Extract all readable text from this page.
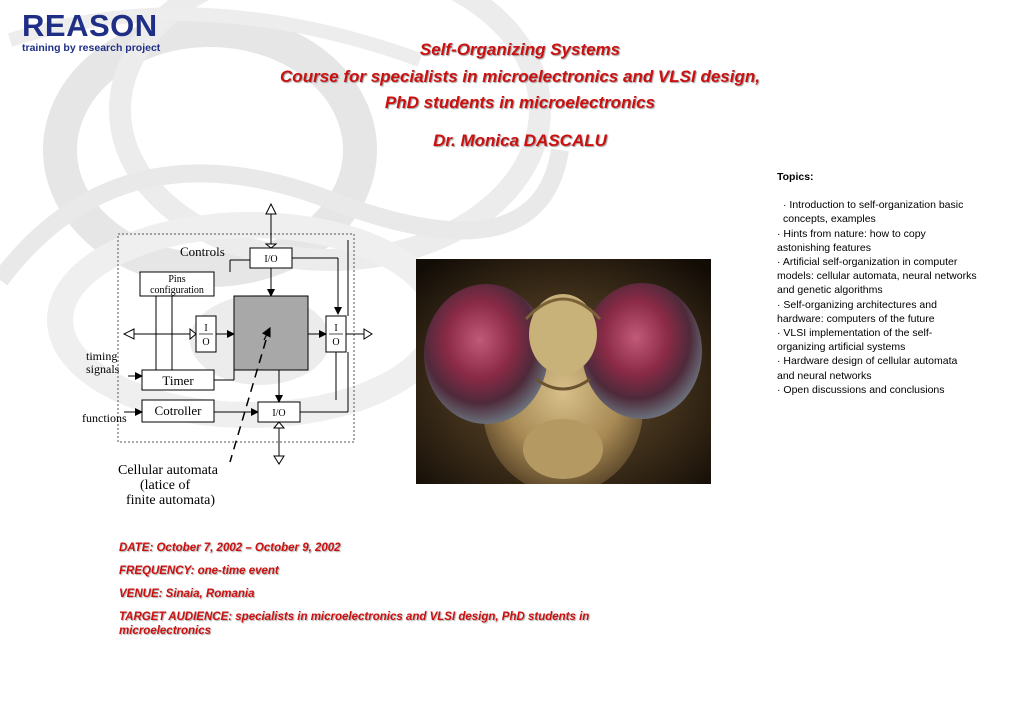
REASON
training by research project	Self-Organizing Systems
Course for specialists in microelectronics and VLSI design,
PhD students in microelectronics
Dr. Monica DASCALU
Topics:
· Introduction to self-organization basic concepts, examples
· Hints from nature: how to copy astonishing features
· Artificial self-organization in computer models: cellular automata, neural networks and genetic algorithms
· Self-organizing architectures and hardware: computers of the future
· VLSI implementation of the self-organizing artificial systems
· Hardware design of cellular automata and neural networks
· Open discussions and conclusions
I/O
Controls
Pins
configuration
I
O
I
O
Timer
timing
signals
Cotroller
functions	I/O
Cellular automata
(latice of
finite automata)
DATE: October 7, 2002 – October 9, 2002
FREQUENCY: one-time event
VENUE: Sinaia, Romania
TARGET AUDIENCE: specialists in microelectronics and VLSI design, PhD students in microelectronics
